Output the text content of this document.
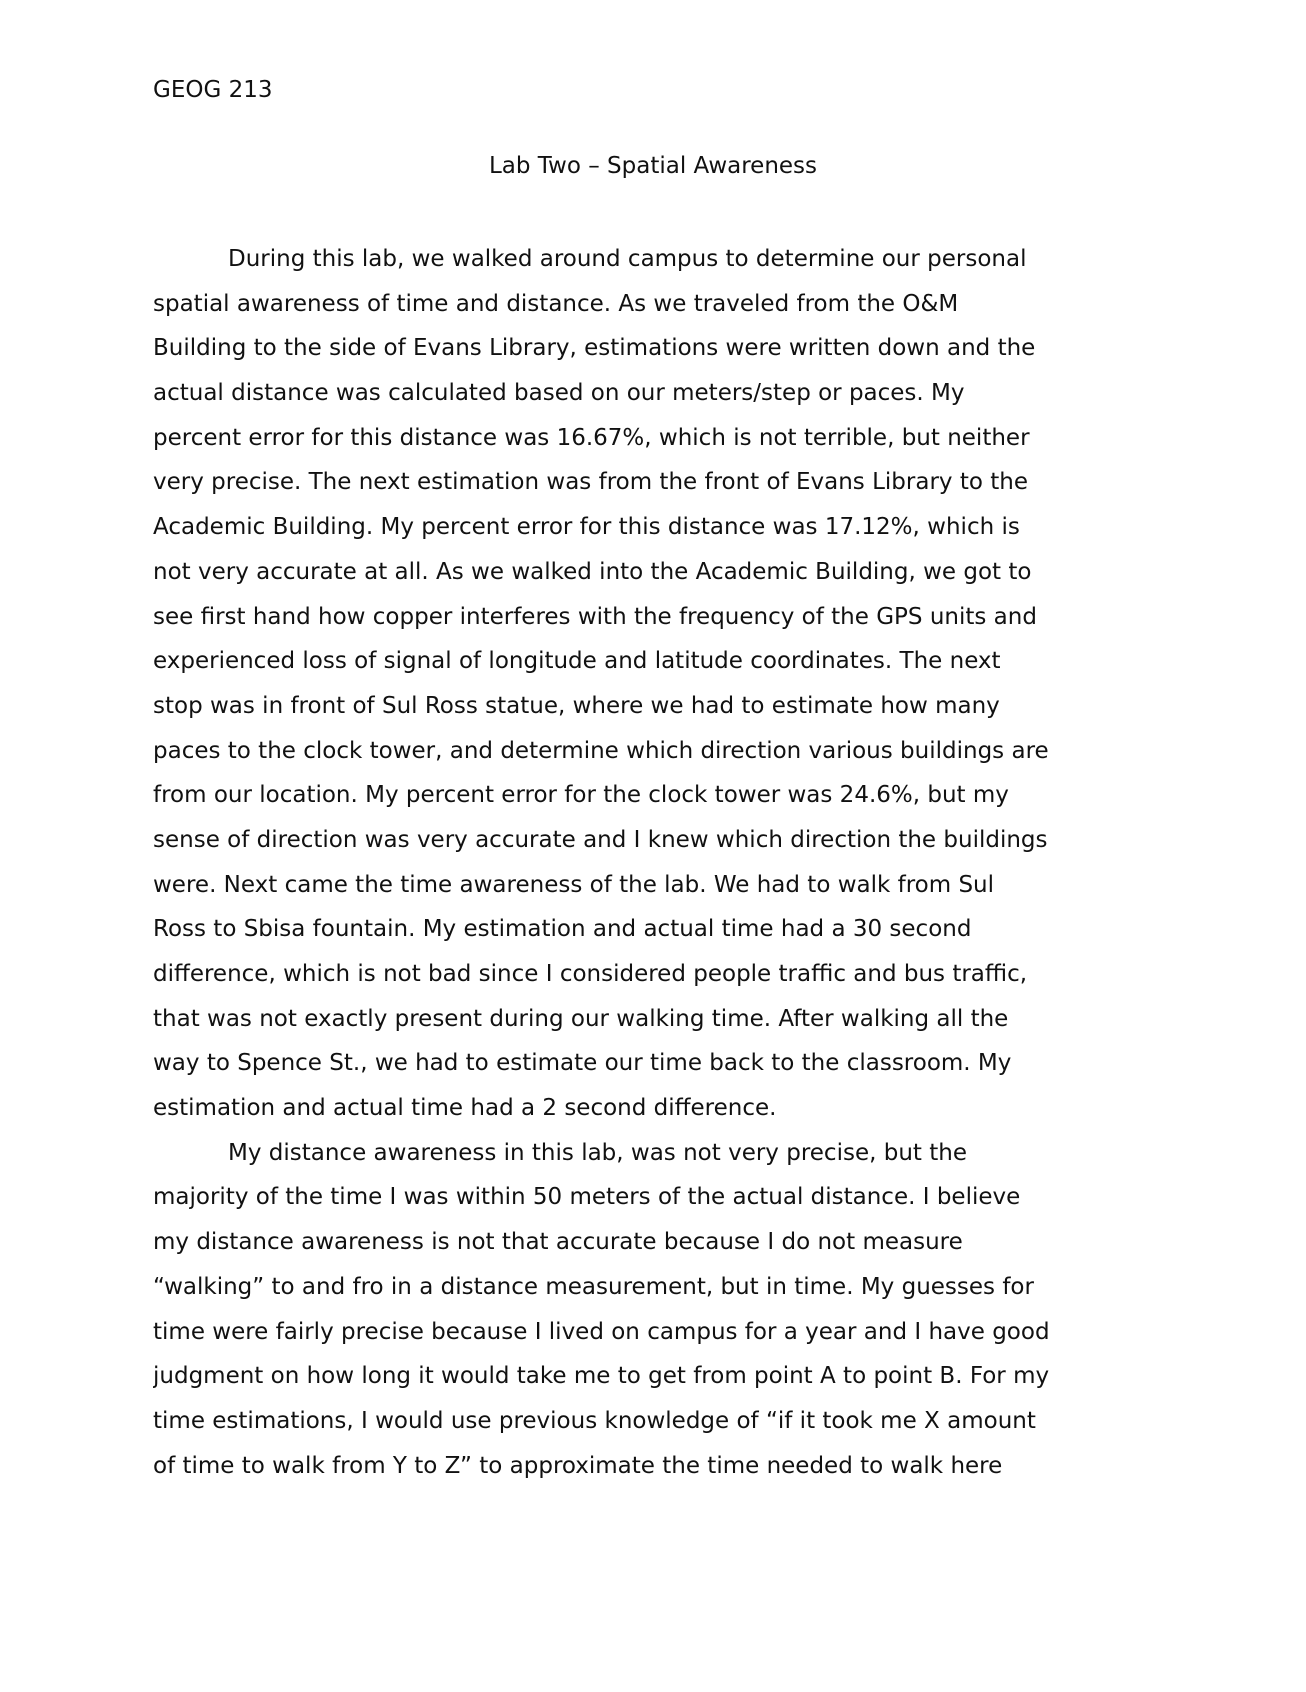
GEOG 213

Lab Two – Spatial Awareness
During this lab, we walked around campus to determine our personal
spatial awareness of time and distance. As we traveled from the O&M
Building to the side of Evans Library, estimations were written down and the
actual distance was calculated based on our meters/step or paces. My
percent error for this distance was 16.67%, which is not terrible, but neither
very precise. The next estimation was from the front of Evans Library to the
Academic Building. My percent error for this distance was 17.12%, which is
not very accurate at all. As we walked into the Academic Building, we got to
see first hand how copper interferes with the frequency of the GPS units and
experienced loss of signal of longitude and latitude coordinates. The next
stop was in front of Sul Ross statue, where we had to estimate how many
paces to the clock tower, and determine which direction various buildings are
from our location. My percent error for the clock tower was 24.6%, but my
sense of direction was very accurate and I knew which direction the buildings
were. Next came the time awareness of the lab. We had to walk from Sul
Ross to Sbisa fountain. My estimation and actual time had a 30 second
difference, which is not bad since I considered people traffic and bus traffic,
that was not exactly present during our walking time. After walking all the
way to Spence St., we had to estimate our time back to the classroom. My
estimation and actual time had a 2 second difference.
My distance awareness in this lab, was not very precise, but the
majority of the time I was within 50 meters of the actual distance. I believe
my distance awareness is not that accurate because I do not measure
“walking” to and fro in a distance measurement, but in time. My guesses for
time were fairly precise because I lived on campus for a year and I have good
judgment on how long it would take me to get from point A to point B. For my
time estimations, I would use previous knowledge of “if it took me X amount
of time to walk from Y to Z” to approximate the time needed to walk here
